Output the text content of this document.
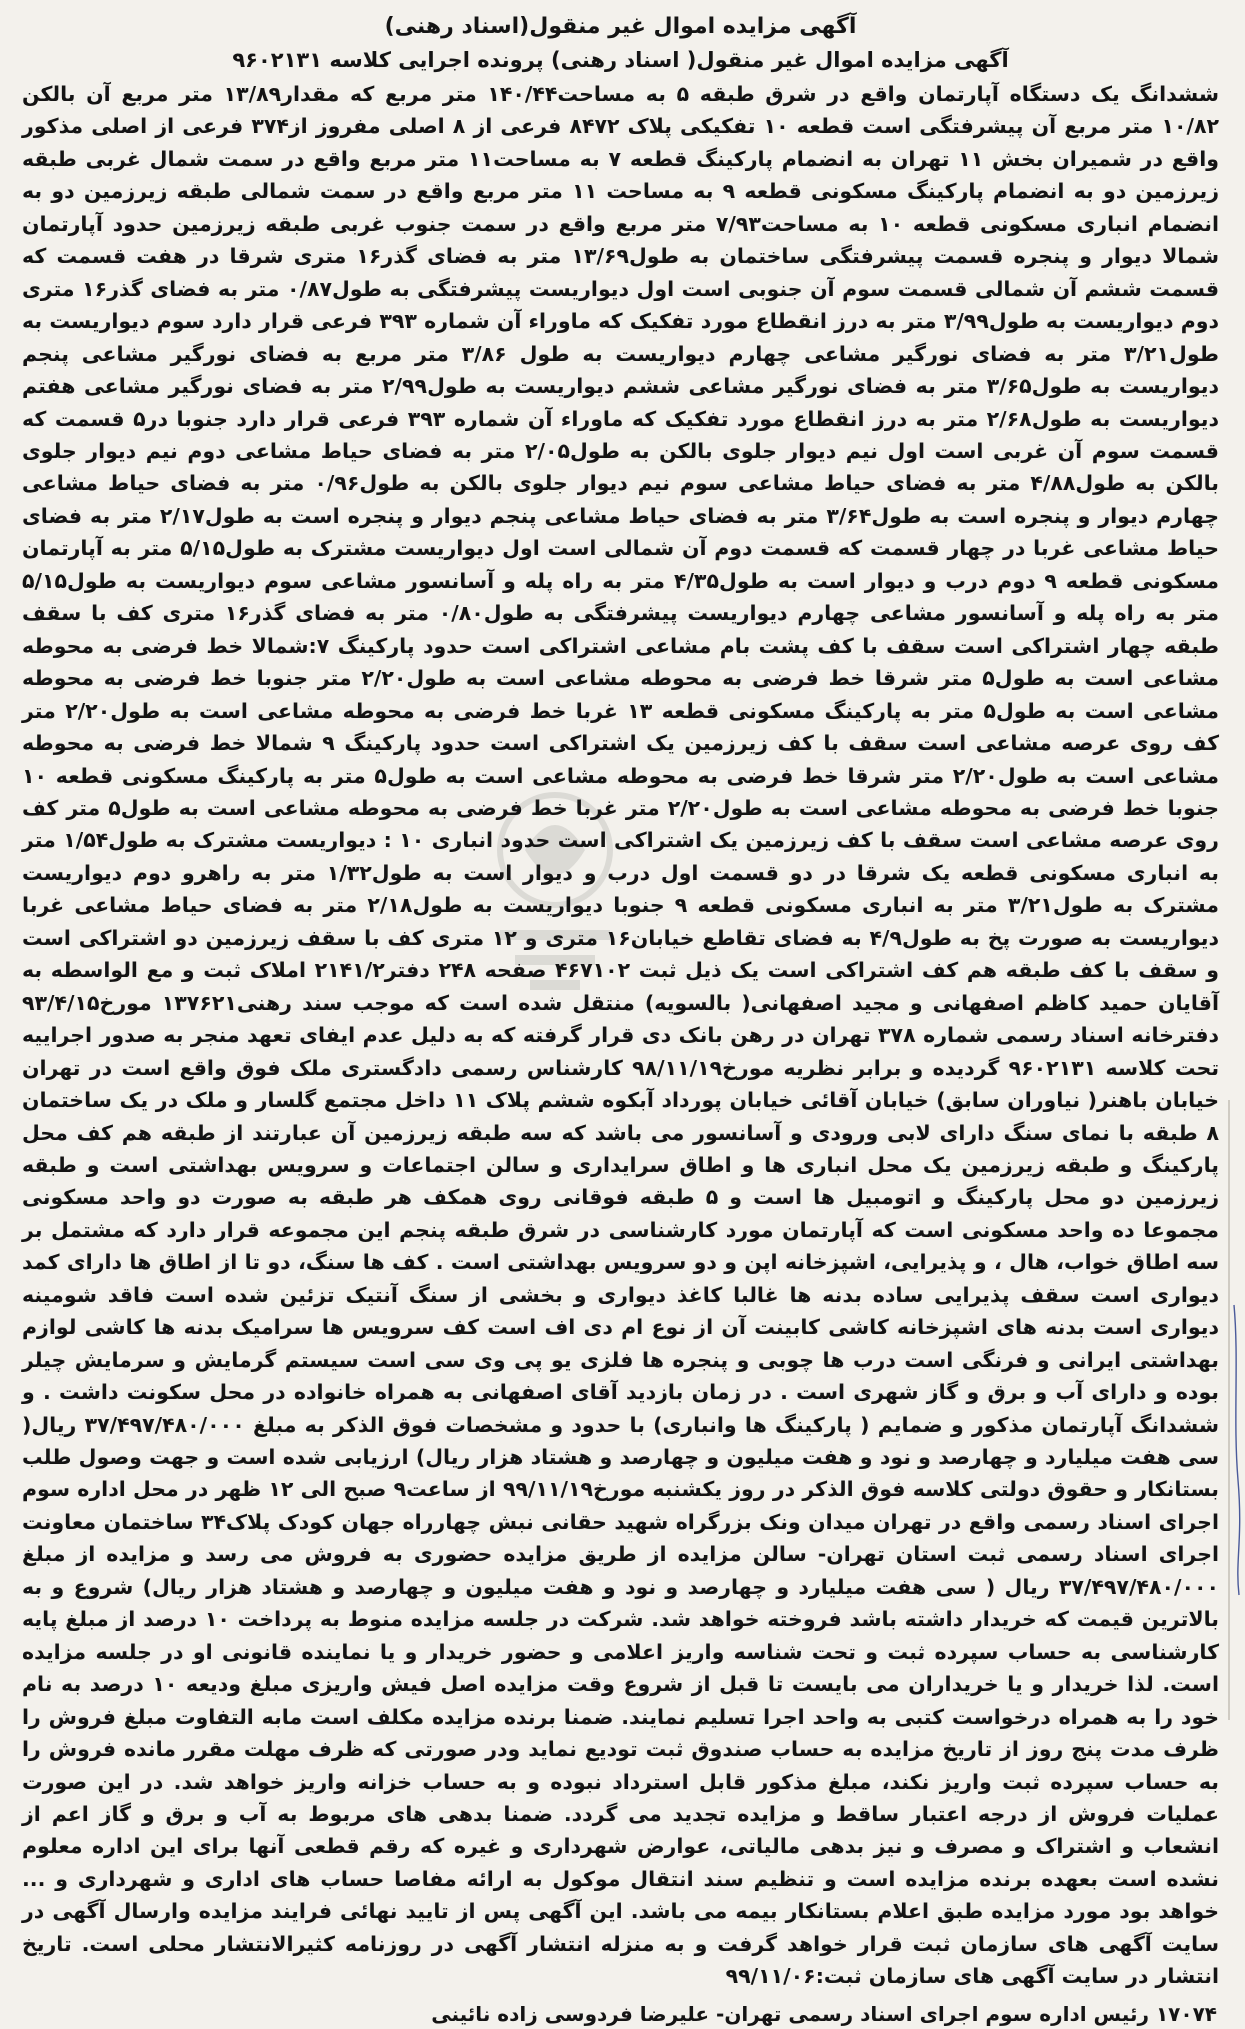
آگهی مزایده اموال غیر منقول(اسناد رهنی)

آگهی مزایده اموال غیر منقول( اسناد رهنی) پرونده اجرایی کلاسه ۹۶۰۲۱۳۱

ششدانگ یک دستگاه آپارتمان واقع در شرق طبقه ۵ به مساحت۱۴۰/۴۴ متر مربع که مقدار۱۳/۸۹ متر مربع آن بالکن ۱۰/۸۲ متر مربع آن پیشرفتگی است قطعه ۱۰ تفکیکی پلاک ۸۴۷۲ فرعی از ۸ اصلی مفروز از۳۷۴ فرعی از اصلی مذکور واقع در شمیران بخش ۱۱ تهران به انضمام پارکینگ قطعه ۷ به مساحت۱۱ متر مربع واقع در سمت شمال غربی طبقه زیرزمین دو به انضمام پارکینگ مسکونی قطعه ۹ به مساحت ۱۱ متر مربع واقع در سمت شمالی طبقه زیرزمین دو به انضمام انباری مسکونی قطعه ۱۰ به مساحت۷/۹۳ متر مربع واقع در سمت جنوب غربی طبقه زیرزمین حدود آپارتمان شمالا دیوار و پنجره قسمت پیشرفتگی ساختمان به طول۱۳/۶۹ متر به فضای گذر۱۶ متری شرقا در هفت قسمت که قسمت ششم آن شمالی قسمت سوم آن جنوبی است اول دیواریست پیشرفتگی به طول۰/۸۷ متر به فضای گذر۱۶ متری دوم دیواریست به طول۳/۹۹ متر به درز انقطاع مورد تفکیک که ماوراء آن شماره ۳۹۳ فرعی قرار دارد سوم دیواریست به طول۳/۲۱ متر به فضای نورگیر مشاعی چهارم دیواریست به طول ۳/۸۶ متر مربع به فضای نورگیر مشاعی پنجم دیواریست به طول۳/۶۵ متر به فضای نورگیر مشاعی ششم دیواریست به طول۲/۹۹ متر به فضای نورگیر مشاعی هفتم دیواریست به طول۲/۶۸ متر به درز انقطاع مورد تفکیک که ماوراء آن شماره ۳۹۳ فرعی قرار دارد جنوبا در۵ قسمت که قسمت سوم آن غربی است اول نیم دیوار جلوی بالکن به طول۲/۰۵ متر به فضای حیاط مشاعی دوم نیم دیوار جلوی بالکن به طول۴/۸۸ متر به فضای حیاط مشاعی سوم نیم دیوار جلوی بالکن به طول۰/۹۶ متر به فضای حیاط مشاعی چهارم دیوار و پنجره است به طول۳/۶۴ متر به فضای حیاط مشاعی پنجم دیوار و پنجره است به طول۲/۱۷ متر به فضای حیاط مشاعی غربا در چهار قسمت که قسمت دوم آن شمالی است اول دیواریست مشترک به طول۵/۱۵ متر به آپارتمان مسکونی قطعه ۹ دوم درب و دیوار است به طول۴/۳۵ متر به راه پله و آسانسور مشاعی سوم دیواریست به طول۵/۱۵ متر به راه پله و آسانسور مشاعی چهارم دیواریست پیشرفتگی به طول۰/۸۰ متر به فضای گذر۱۶ متری کف با سقف طبقه چهار اشتراکی است سقف با کف پشت بام مشاعی اشتراکی است حدود پارکینگ ۷:شمالا خط فرضی به محوطه مشاعی است به طول۵ متر شرقا خط فرضی به محوطه مشاعی است به طول۲/۲۰ متر جنوبا خط فرضی به محوطه مشاعی است به طول۵ متر به پارکینگ مسکونی قطعه ۱۳ غربا خط فرضی به محوطه مشاعی است به طول۲/۲۰ متر کف روی عرصه مشاعی است سقف با کف زیرزمین یک اشتراکی است حدود پارکینگ ۹ شمالا خط فرضی به محوطه مشاعی است به طول۲/۲۰ متر شرقا خط فرضی به محوطه مشاعی است به طول۵ متر به پارکینگ مسکونی قطعه ۱۰ جنوبا خط فرضی به محوطه مشاعی است به طول۲/۲۰ متر غربا خط فرضی به محوطه مشاعی است به طول۵ متر کف روی عرصه مشاعی است سقف با کف زیرزمین یک اشتراکی است حدود انباری ۱۰ : دیواریست مشترک به طول۱/۵۴ متر به انباری مسکونی قطعه یک شرقا در دو قسمت اول درب و دیوار است به طول۱/۳۲ متر به راهرو دوم دیواریست مشترک به طول۳/۲۱ متر به انباری مسکونی قطعه ۹ جنوبا دیواریست به طول۲/۱۸ متر به فضای حیاط مشاعی غربا دیواریست به صورت پخ به طول۴/۹ به فضای تقاطع خیابان۱۶ متری و ۱۲ متری کف با سقف زیرزمین دو اشتراکی است و سقف با کف طبقه هم کف اشتراکی است یک ذیل ثبت ۴۶۷۱۰۲ صفحه ۲۴۸ دفتر۲۱۴۱/۲ املاک ثبت و مع الواسطه به آقایان حمید کاظم اصفهانی و مجید اصفهانی( بالسویه) منتقل شده است که موجب سند رهنی۱۳۷۶۲۱ مورخ۹۳/۴/۱۵ دفترخانه اسناد رسمی شماره ۳۷۸ تهران در رهن بانک دی قرار گرفته که به دلیل عدم ایفای تعهد منجر به صدور اجراییه تحت کلاسه ۹۶۰۲۱۳۱ گردیده و برابر نظریه مورخ۹۸/۱۱/۱۹ کارشناس رسمی دادگستری ملک فوق واقع است در تهران خیابان باهنر( نیاوران سابق) خیابان آقائی خیابان پورداد آبکوه ششم پلاک ۱۱ داخل مجتمع گلسار و ملک در یک ساختمان ۸ طبقه با نمای سنگ دارای لابی ورودی و آسانسور می باشد که سه طبقه زیرزمین آن عبارتند از طبقه هم کف محل پارکینگ و طبقه زیرزمین یک محل انباری ها و اطاق سرایداری و سالن اجتماعات و سرویس بهداشتی است و طبقه زیرزمین دو محل پارکینگ و اتومبیل ها است و ۵ طبقه فوقانی روی همکف هر طبقه به صورت دو واحد مسکونی مجموعا ده واحد مسکونی است که آپارتمان مورد کارشناسی در شرق طبقه پنجم این مجموعه قرار دارد که مشتمل بر سه اطاق خواب، هال ، و پذیرایی، اشپزخانه اپن و دو سرویس بهداشتی است . کف ها سنگ، دو تا از اطاق ها دارای کمد دیواری است سقف پذیرایی ساده بدنه ها غالبا کاغذ دیواری و بخشی از سنگ آنتیک تزئین شده است فاقد شومینه دیواری است بدنه های اشپزخانه کاشی کابینت آن از نوع ام دی اف است کف سرویس ها سرامیک بدنه ها کاشی لوازم بهداشتی ایرانی و فرنگی است درب ها چوبی و پنجره ها فلزی یو پی وی سی است سیستم گرمایش و سرمایش چیلر بوده و دارای آب و برق و گاز شهری است . در زمان بازدید آقای اصفهانی به همراه خانواده در محل سکونت داشت . و ششدانگ آپارتمان مذکور و ضمایم ( پارکینگ ها وانباری) با حدود و مشخصات فوق الذکر به مبلغ ۳۷/۴۹۷/۴۸۰/۰۰۰ ریال( سی هفت میلیارد و چهارصد و نود و هفت میلیون و چهارصد و هشتاد هزار ریال) ارزیابی شده است و جهت وصول طلب بستانکار و حقوق دولتی کلاسه فوق الذکر در روز یکشنبه مورخ۹۹/۱۱/۱۹ از ساعت۹ صبح الی ۱۲ ظهر در محل اداره سوم اجرای اسناد رسمی واقع در تهران میدان ونک بزرگراه شهید حقانی نبش چهارراه جهان کودک پلاک۳۴ ساختمان معاونت اجرای اسناد رسمی ثبت استان تهران- سالن مزایده از طریق مزایده حضوری به فروش می رسد و مزایده از مبلغ ۳۷/۴۹۷/۴۸۰/۰۰۰ ریال ( سی هفت میلیارد و چهارصد و نود و هفت میلیون و چهارصد و هشتاد هزار ریال) شروع و به بالاترین قیمت که خریدار داشته باشد فروخته خواهد شد. شرکت در جلسه مزایده منوط به پرداخت ۱۰ درصد از مبلغ پایه کارشناسی به حساب سپرده ثبت و تحت شناسه واریز اعلامی و حضور خریدار و یا نماینده قانونی او در جلسه مزایده است. لذا خریدار و یا خریداران می بایست تا قبل از شروع وقت مزایده اصل فیش واریزی مبلغ ودیعه ۱۰ درصد به نام خود را به همراه درخواست کتبی به واحد اجرا تسلیم نمایند. ضمنا برنده مزایده مکلف است مابه التفاوت مبلغ فروش را ظرف مدت پنج روز از تاریخ مزایده به حساب صندوق ثبت تودیع نماید ودر صورتی که ظرف مهلت مقرر مانده فروش را به حساب سپرده ثبت واریز نکند، مبلغ مذکور قابل استرداد نبوده و به حساب خزانه واریز خواهد شد. در این صورت عملیات فروش از درجه اعتبار ساقط و مزایده تجدید می گردد. ضمنا بدهی های مربوط به آب و برق و گاز اعم از انشعاب و اشتراک و مصرف و نیز بدهی مالیاتی، عوارض شهرداری و غیره که رقم قطعی آنها برای این اداره معلوم نشده است بعهده برنده مزایده است و تنظیم سند انتقال موکول به ارائه مفاصا حساب های اداری و شهرداری و ... خواهد بود مورد مزایده طبق اعلام بستانکار بیمه می باشد. این آگهی پس از تایید نهائی فرایند مزایده وارسال آگهی در سایت آگهی های سازمان ثبت قرار خواهد گرفت و به منزله انتشار آگهی در روزنامه کثیرالانتشار محلی است. تاریخ انتشار در سایت آگهی های سازمان ثبت:۹۹/۱۱/۰۶

۱۷۰۷۴ رئیس اداره سوم اجرای اسناد رسمی تهران- علیرضا فردوسی زاده نائینی
